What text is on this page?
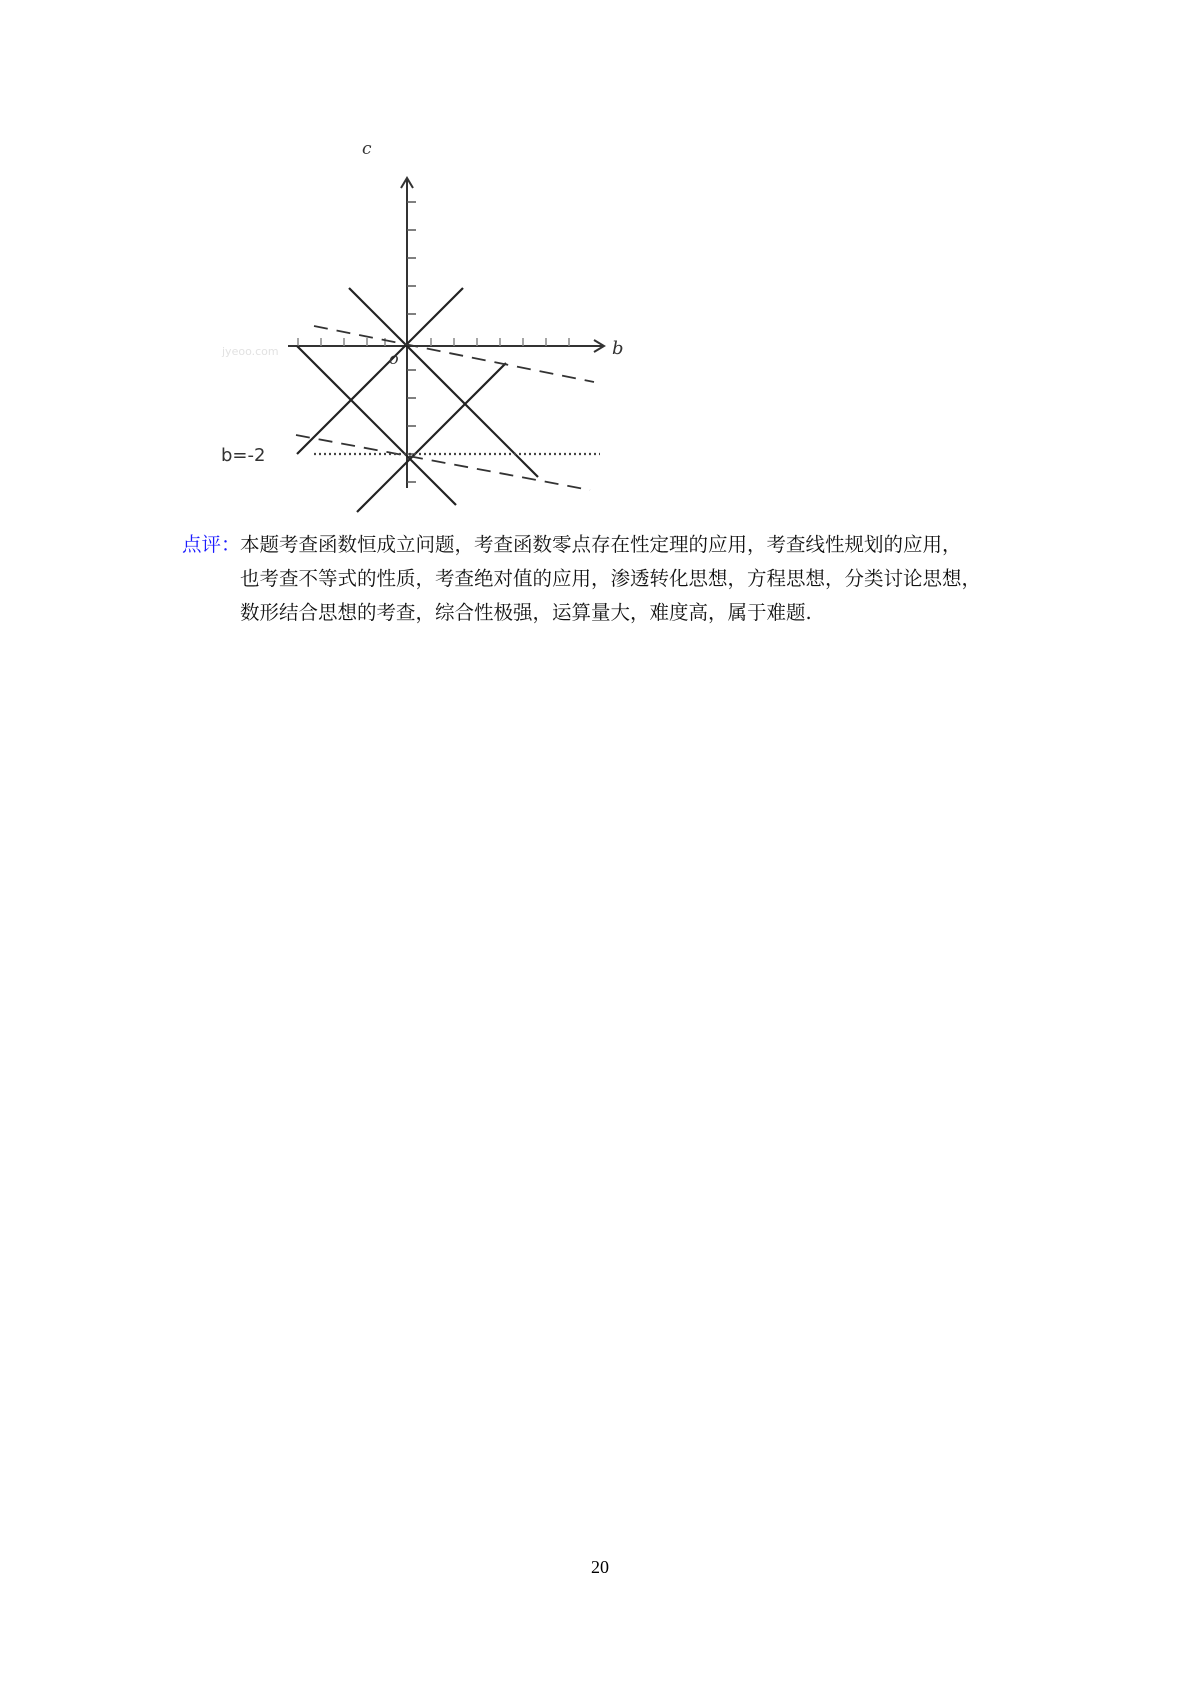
c
b
o
b=-2
jyeoo.com
点评： 本题考查函数恒成立问题，考查函数零点存在性定理的应用，考查线性规划的应用，
也考查不等式的性质，考查绝对值的应用，渗透转化思想，方程思想，分类讨论思想，
数形结合思想的考查，综合性极强，运算量大，难度高，属于难题.
20
